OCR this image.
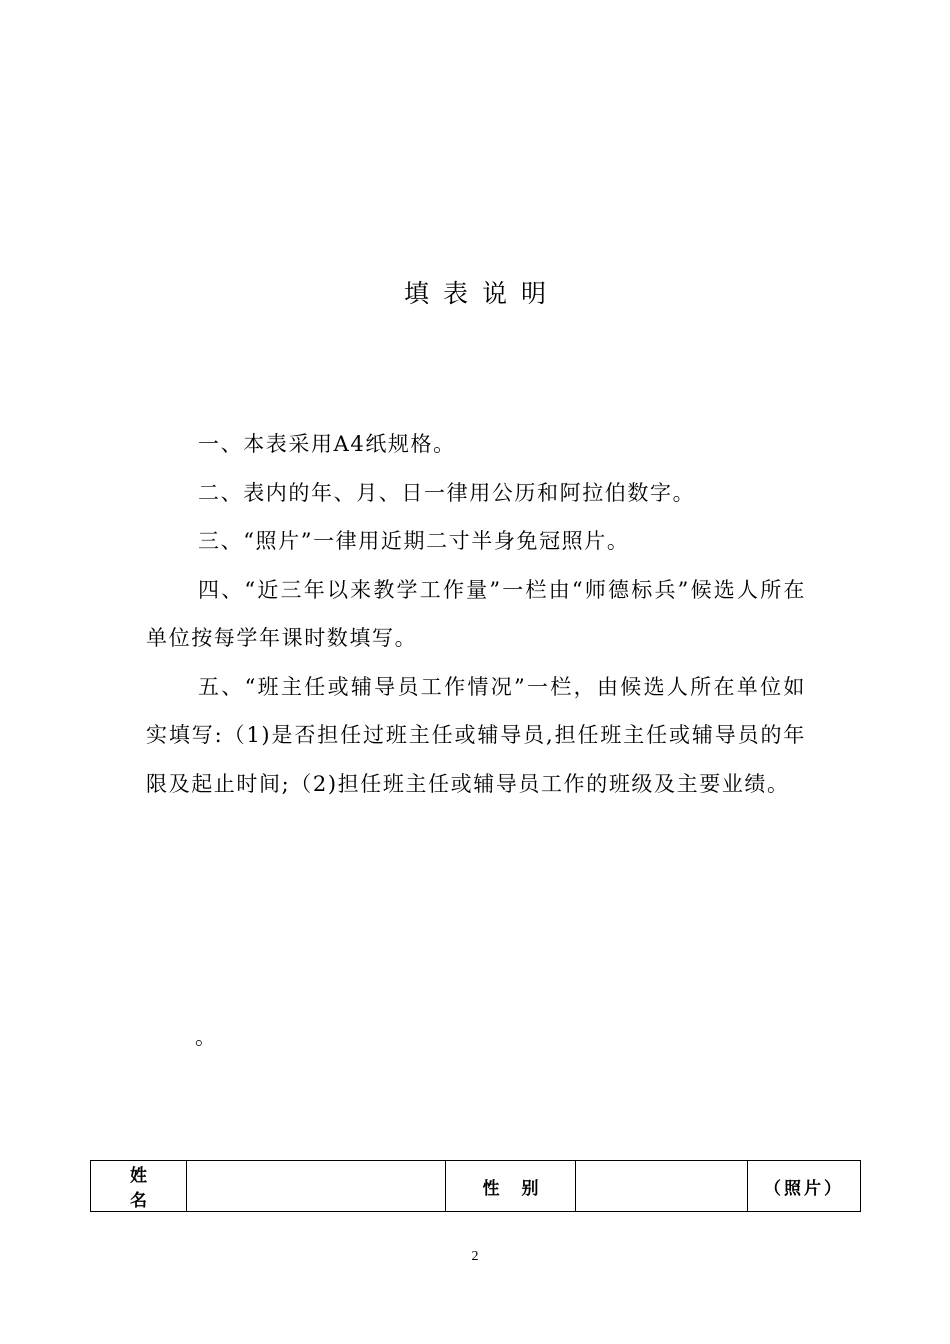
填表说明

一、本表采用A4纸规格。

二、表内的年、月、日一律用公历和阿拉伯数字。

三、“照片”一律用近期二寸半身免冠照片。

四、“近三年以来教学工作量”一栏由“师德标兵”候选人所在单位按每学年课时数填写。

五、“班主任或辅导员工作情况”一栏，由候选人所在单位如实填写:（1)是否担任过班主任或辅导员,担任班主任或辅导员的年限及起止时间;（2)担任班主任或辅导员工作的班级及主要业绩。

。
姓名		性别		（照片）
2
